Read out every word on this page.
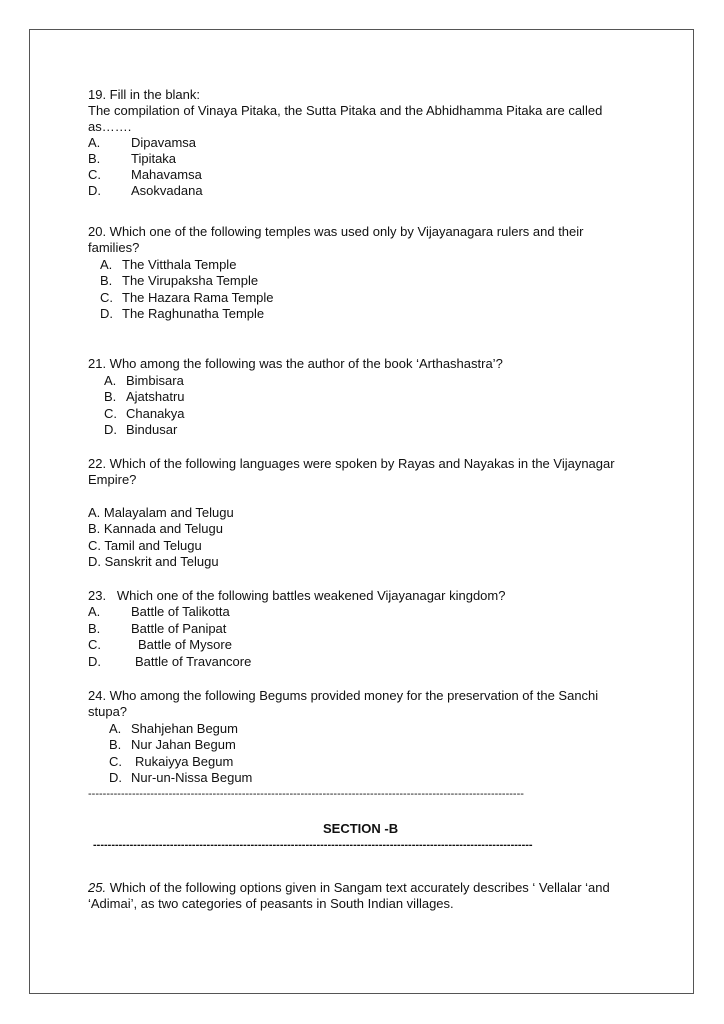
19. Fill in the blank:

The compilation of Vinaya Pitaka, the Sutta Pitaka and the Abhidhamma Pitaka are called

as…….

A. Dipavamsa

B. Tipitaka

C. Mahavamsa

D. Asokvadana

20. Which one of the following temples was used only by Vijayanagara rulers and their

families?

A. The Vitthala Temple

B. The Virupaksha Temple

C. The Hazara Rama Temple

D. The Raghunatha Temple

21. Who among the following was the author of the book ‘Arthashastra’?

A. Bimbisara

B. Ajatshatru

C. Chanakya

D. Bindusar

22. Which of the following languages were spoken by Rayas and Nayakas in the Vijaynagar

Empire?

A. Malayalam and Telugu

B. Kannada and Telugu

C. Tamil and Telugu

D. Sanskrit and Telugu

23.   Which one of the following battles weakened Vijayanagar kingdom?

A. Battle of Talikotta

B. Battle of Panipat

C.	Battle of Mysore

D.	Battle of Travancore

24. Who among the following Begums provided money for the preservation of the Sanchi

stupa?

A. Shahjehan Begum

B. Nur Jahan Begum

C. Rukaiyya Begum

D. Nur-un-Nissa Begum

-----------------------------------------------------------------------------------------------------------------------

SECTION -B

------------------------------------------------------------------------------------------------------------------------

25. Which of the following options given in Sangam text accurately describes ‘ Vellalar ‘and

‘Adimai’, as two categories of peasants in South Indian villages.
